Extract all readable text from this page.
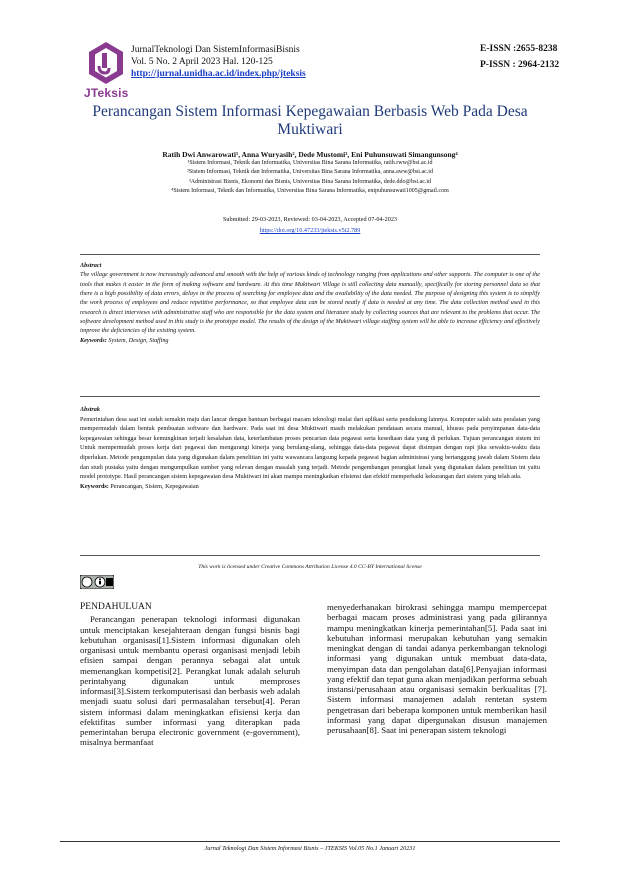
JTeksis
JurnalTeknologi Dan SistemInformasiBisnis
Vol. 5 No. 2 April 2023 Hal. 120-125
http://jurnal.unidha.ac.id/index.php/jteksis
E-ISSN :2655-8238
P-ISSN : 2964-2132
Perancangan Sistem Informasi Kepegawaian Berbasis Web Pada Desa Muktiwari
Ratih Dwi Anwarowati¹, Anna Wuryasih², Dede Mustomi³, Eni Puhunsuwati Simangunsong⁴
¹Sistem Informasi, Teknik dan Informatika, Universitas Bina Sarana Informatika, ratih.rww@bsi.ac.id
²Sistem Informasi, Teknik dan Informatika, Universitas Bina Sarana Informatika, anna.aww@bsi.ac.id
³Administrasi Bisnis, Ekonomi dan Bisnis, Universitas Bina Sarana Informatika, dede.ddo@bsi.ac.id
⁴Sistem Informasi, Teknik dan Informatika, Universitas Bina Sarana Informatika, enipuhunsuwati1005@gmail.com
Submitted: 29-03-2023, Reviewed: 03-04-2023, Accepted 07-04-2023
https://doi.org/10.47233/jteksis.v5i2.789
Abstract
The village government is now increasingly advanced and smooth with the help of various kinds of technology ranging from applications and other supports. The computer is one of the tools that makes it easier in the form of making software and hardware. At this time Muktiwari Village is still collecting data manually, specifically for storing personnel data so that there is a high possibility of data errors, delays in the process of searching for employee data and the availability of the data needed. The purpose of designing this system is to simplify the work process of employees and reduce repetitive performance, so that employee data can be stored neatly if data is needed at any time. The data collection method used in this research is direct interviews with administrative staff who are responsible for the data system and literature study by collecting sources that are relevant to the problems that occur. The software development method used in this study is the prototype model. The results of the design of the Muktiwari village staffing system will be able to increase efficiency and effectively improve the deficiencies of the existing system.
Keywords: System, Design, Staffing
Abstrak
Pemerintahan desa saat ini sudah semakin maju dan lancar dengan bantuan berbagai macam teknologi mulai dari aplikasi serta pendukung lainnya. Komputer salah satu peralatan yang mempermudah dalam bentuk pembuatan software dan hardware. Pada saat ini desa Muktiwari masih melakukan pendataan secara manual, khusus pada penyimpanan data-data kepegawaian sehingga besar kemungkinan terjadi kesalahan data, keterlambatan proses pencarian data pegawai serta kesediaan data yang di perlukan. Tujuan perancangan sistem ini Untuk mempermudah proses kerja dari pegawai dan mengurangi kinerja yang berulang-ulang, sehingga data-data pegawai dapat disimpan dengan rapi jika sewaktu-waktu data diperlukan. Metode pengumpulan data yang digunakan dalam penelitian ini yaitu wawancara langsung kepada pegawai bagian administrasi yang bertanggung jawab dalam Sistem data dan studi pustaka yaitu dengan mengumpulkan sumber yang relevan dengan masalah yang terjadi. Metode pengembangan perangkat lunak yang digunakan dalam penelitian ini yaitu model prototype. Hasil perancangan sistem kepegawaian desa Muktiwari ini akan mampu meningkatkan efisiensi dan efektif memperbaiki kekurangan dari sistem yang telah ada.
Keywords: Perancangan, Sistem, Kepegawaian
This work is licensed under Creative Commons Attribution License 4.0 CC-BY International license
PENDAHULUAN
Perancangan penerapan teknologi informasi digunakan untuk menciptakan kesejahteraan dengan fungsi bisnis bagi kebutuhan organisasi[1].Sistem informasi digunakan oleh organisasi untuk membantu operasi organisasi menjadi lebih efisien sampai dengan perannya sebagai alat untuk memenangkan kompetisi[2]. Perangkat lunak adalah seluruh perintahyang digunakan untuk memproses informasi[3].Sistem terkomputerisasi dan berbasis web adalah menjadi suatu solusi dari permasalahan tersebut[4]. Peran sistem informasi dalam meningkatkan efisiensi kerja dan efektifitas sumber informasi yang diterapkan pada pemerintahan berupa electronic government (e-government), misalnya bermanfaat
menyederhanakan birokrasi sehingga mampu mempercepat berbagai macam proses administrasi yang pada gilirannya mampu meningkatkan kinerja pemerintahan[5]. Pada saat ini kebutuhan informasi merupakan kebutuhan yang semakin meningkat dengan di tandai adanya perkembangan teknologi informasi yang digunakan untuk membuat data-data, menyimpan data dan pengolahan data[6].Penyajian informasi yang efektif dan tepat guna akan menjadikan performa sebuah instansi/perusahaan atau organisasi semakin berkualitas [7]. Sistem informasi manajemen adalah rentetan system pengetrasan dari beberapa komponen untuk memberikan hasil informasi yang dapat dipergunakan disusun manajemen perusahaan[8]. Saat ini penerapan sistem teknologi
Jurnal Teknologi Dan Sistem Informasi Bisnis – JTEKSIS Vol.05 No.1 Januari 20231
